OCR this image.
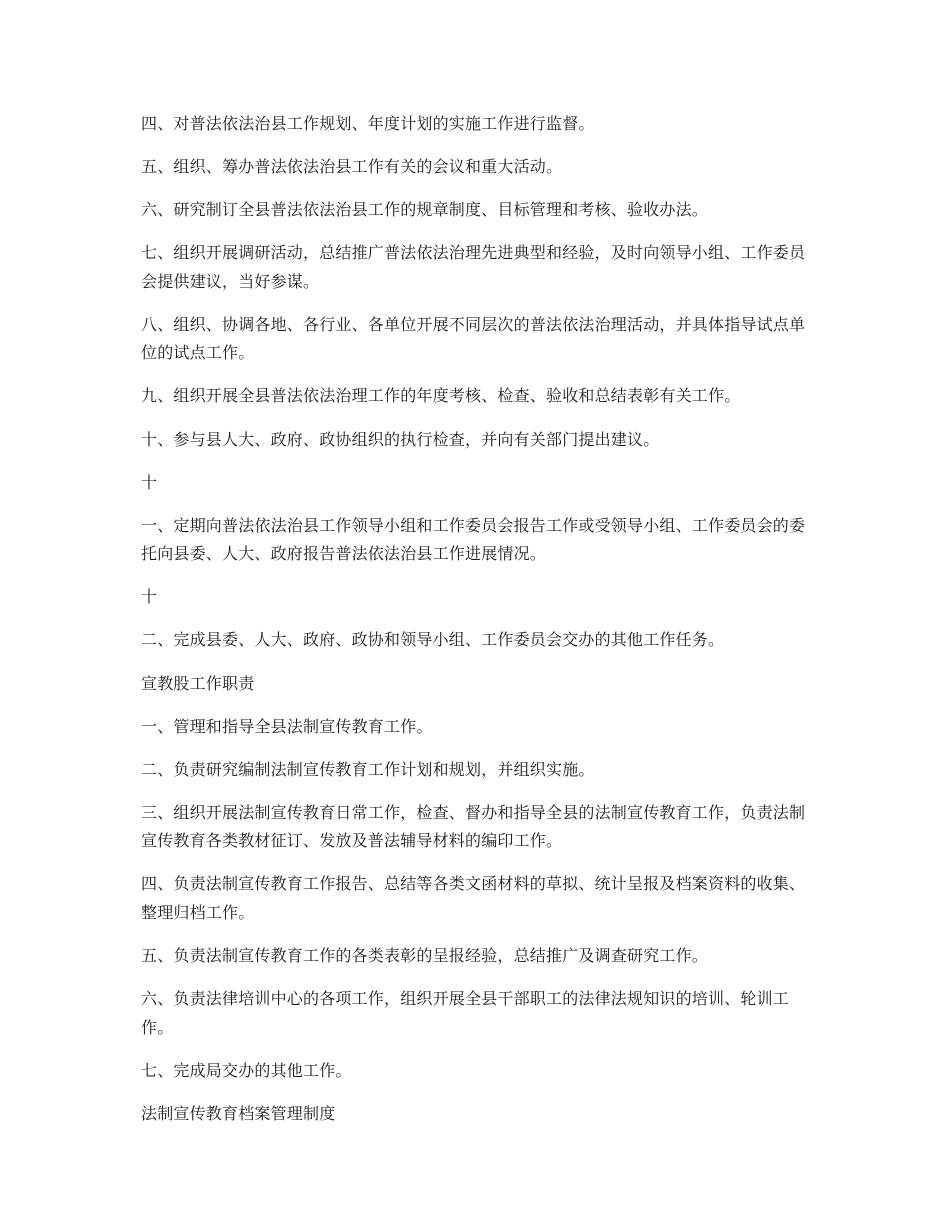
四、对普法依法治县工作规划、年度计划的实施工作进行监督。

五、组织、筹办普法依法治县工作有关的会议和重大活动。

六、研究制订全县普法依法治县工作的规章制度、目标管理和考核、验收办法。

七、组织开展调研活动，总结推广普法依法治理先进典型和经验，及时向领导小组、工作委员会提供建议，当好参谋。

八、组织、协调各地、各行业、各单位开展不同层次的普法依法治理活动，并具体指导试点单位的试点工作。

九、组织开展全县普法依法治理工作的年度考核、检查、验收和总结表彰有关工作。

十、参与县人大、政府、政协组织的执行检查，并向有关部门提出建议。

十

一、定期向普法依法治县工作领导小组和工作委员会报告工作或受领导小组、工作委员会的委托向县委、人大、政府报告普法依法治县工作进展情况。

十

二、完成县委、人大、政府、政协和领导小组、工作委员会交办的其他工作任务。

宣教股工作职责

一、管理和指导全县法制宣传教育工作。

二、负责研究编制法制宣传教育工作计划和规划，并组织实施。

三、组织开展法制宣传教育日常工作，检查、督办和指导全县的法制宣传教育工作，负责法制宣传教育各类教材征订、发放及普法辅导材料的编印工作。

四、负责法制宣传教育工作报告、总结等各类文函材料的草拟、统计呈报及档案资料的收集、整理归档工作。

五、负责法制宣传教育工作的各类表彰的呈报经验，总结推广及调查研究工作。

六、负责法律培训中心的各项工作，组织开展全县干部职工的法律法规知识的培训、轮训工作。

七、完成局交办的其他工作。

法制宣传教育档案管理制度
